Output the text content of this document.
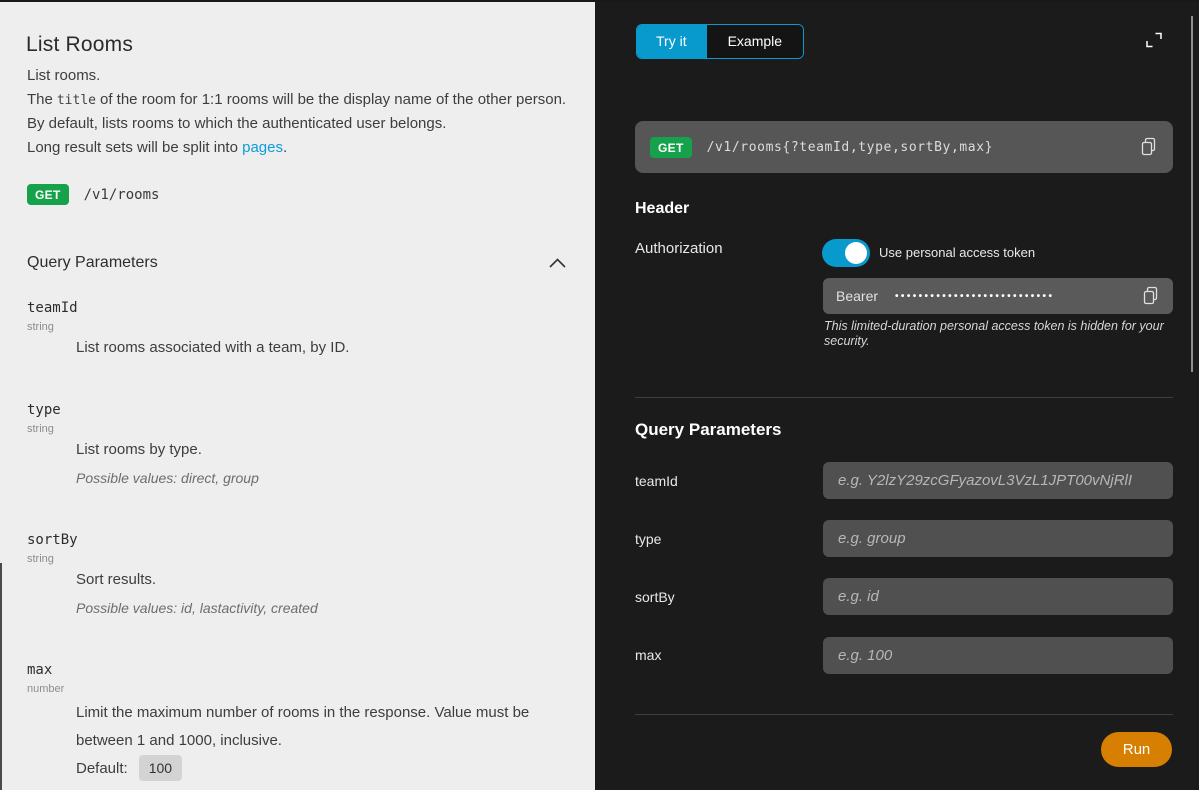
List Rooms
List rooms.
The title of the room for 1:1 rooms will be the display name of the other person.
By default, lists rooms to which the authenticated user belongs.
Long result sets will be split into pages.
GET	/v1/rooms
Query Parameters
teamId
string
List rooms associated with a team, by ID.
type
string
List rooms by type.
Possible values: direct, group
sortBy
string
Sort results.
Possible values: id, lastactivity, created
max
number
Limit the maximum number of rooms in the response. Value must be
between 1 and 1000, inclusive.
Default:	100
Try it	Example
GET	/v1/rooms{?teamId,type,sortBy,max}
Header
Authorization	Use personal access token
Bearer •••••••••••••••••••••••••••
This limited-duration personal access token is hidden for your security.
Query Parameters
teamId
e.g. Y2lzY29zcGFyazovL3VzL1JPT00vNjRlI
type
e.g. group
sortBy
e.g. id
max
e.g. 100
Run
